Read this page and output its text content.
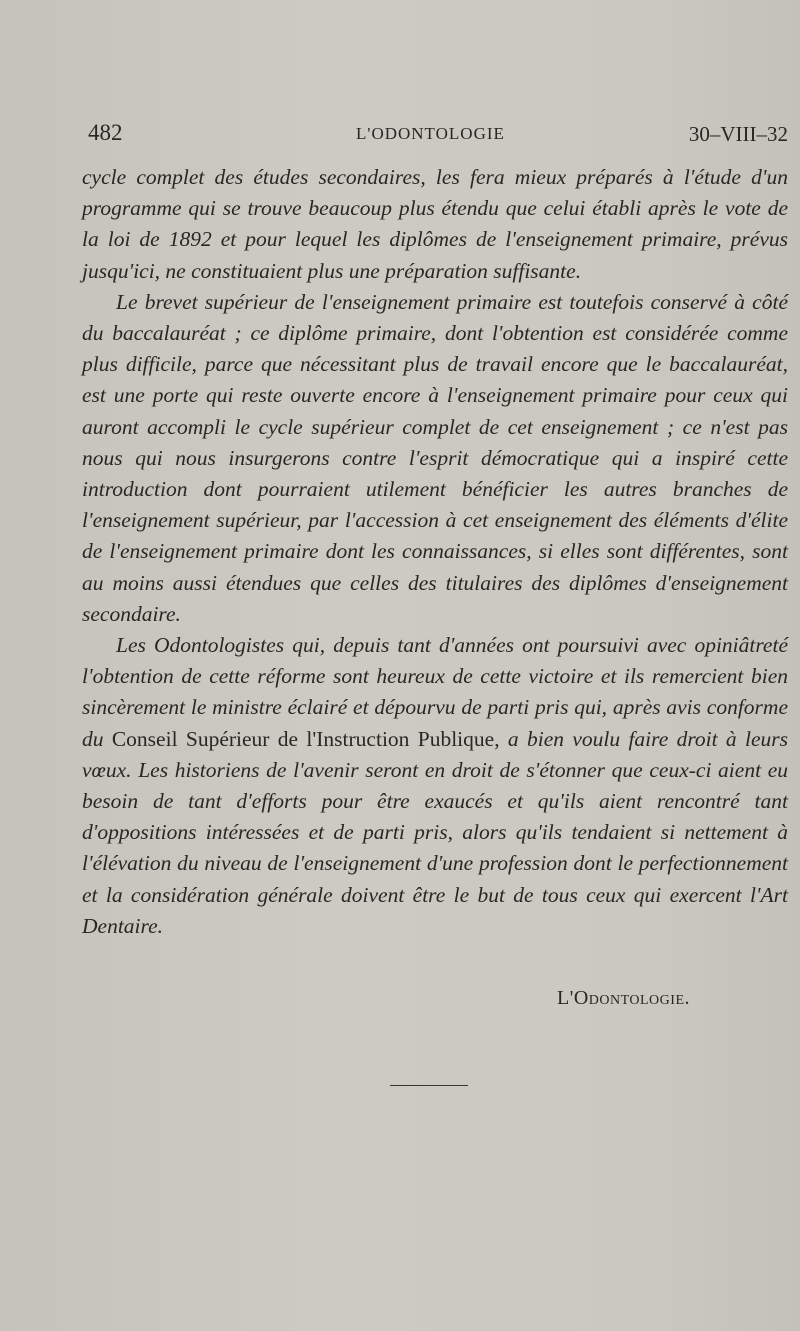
482	L'ODONTOLOGIE	30–VIII–32

cycle complet des études secondaires, les fera mieux préparés à l'étude d'un programme qui se trouve beaucoup plus étendu que celui établi après le vote de la loi de 1892 et pour lequel les diplômes de l'enseignement primaire, prévus jusqu'ici, ne constituaient plus une préparation suffisante.

Le brevet supérieur de l'enseignement primaire est toutefois conservé à côté du baccalauréat ; ce diplôme primaire, dont l'obtention est considérée comme plus difficile, parce que nécessitant plus de travail encore que le baccalauréat, est une porte qui reste ouverte encore à l'enseignement primaire pour ceux qui auront accompli le cycle supérieur complet de cet enseignement ; ce n'est pas nous qui nous insurgerons contre l'esprit démocratique qui a inspiré cette introduction dont pourraient utilement bénéficier les autres branches de l'enseignement supérieur, par l'accession à cet enseignement des éléments d'élite de l'enseignement primaire dont les connaissances, si elles sont différentes, sont au moins aussi étendues que celles des titulaires des diplômes d'enseignement secondaire.

Les Odontologistes qui, depuis tant d'années ont poursuivi avec opiniâtreté l'obtention de cette réforme sont heureux de cette victoire et ils remercient bien sincèrement le ministre éclairé et dépourvu de parti pris qui, après avis conforme du Conseil Supérieur de l'Instruction Publique, a bien voulu faire droit à leurs vœux. Les historiens de l'avenir seront en droit de s'étonner que ceux-ci aient eu besoin de tant d'efforts pour être exaucés et qu'ils aient rencontré tant d'oppositions intéressées et de parti pris, alors qu'ils tendaient si nettement à l'élévation du niveau de l'enseignement d'une profession dont le perfectionnement et la considération générale doivent être le but de tous ceux qui exercent l'Art Dentaire.

L'Odontologie.
